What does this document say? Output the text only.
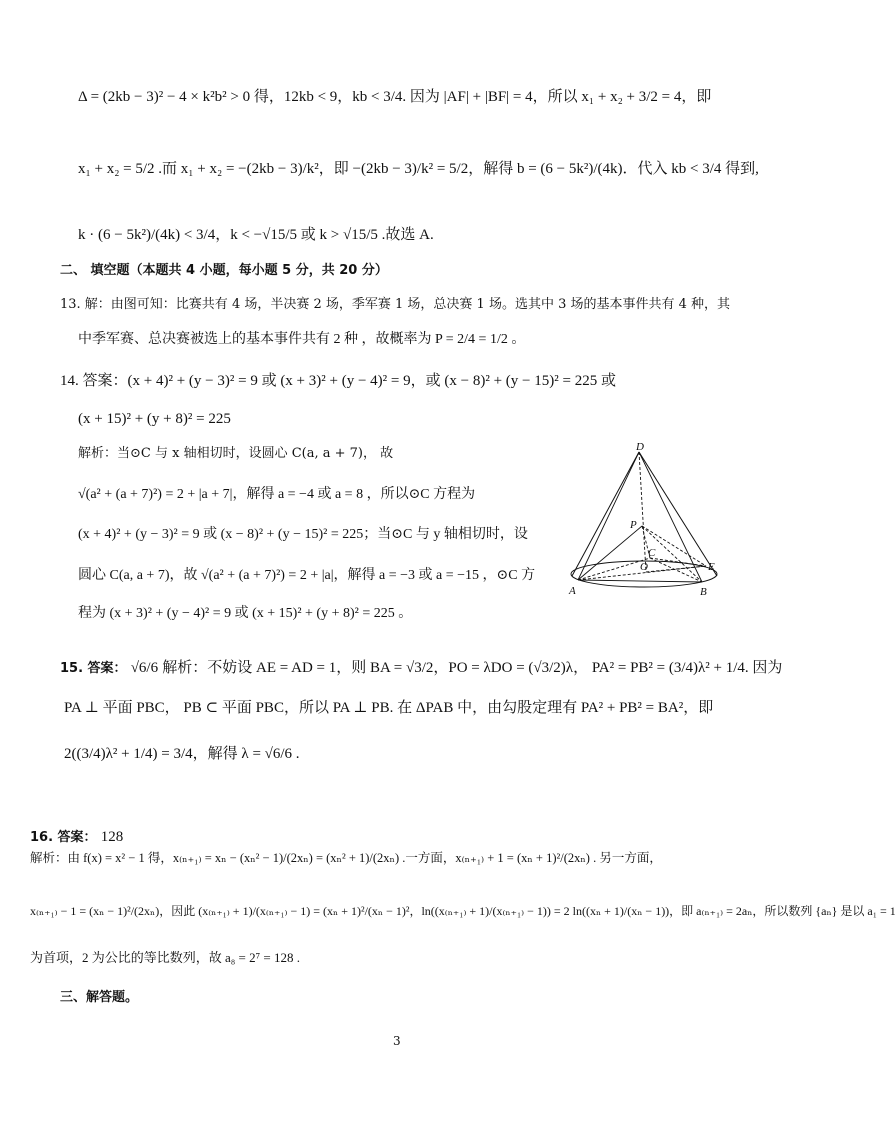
Δ = (2kb − 3)² − 4 × k²b² > 0 得，12kb < 9，kb < 3/4. 因为 |AF| + |BF| = 4，所以 x₁ + x₂ + 3/2 = 4，即
x₁ + x₂ = 5/2 .而 x₁ + x₂ = −(2kb − 3)/k²，即 −(2kb − 3)/k² = 5/2，解得 b = (6 − 5k²)/(4k)．代入 kb < 3/4 得到,
k · (6 − 5k²)/(4k) < 3/4，k < −√15/5 或 k > √15/5 .故选 A.
二、 填空题（本题共 4 小题，每小题 5 分，共 20 分）
13. 解：由图可知：比赛共有 4 场，半决赛 2 场，季军赛 1 场，总决赛 1 场。选其中 3 场的基本事件共有 4 种，其
中季军赛、总决赛被选上的基本事件共有 2 种 ，故概率为 P = 2/4 = 1/2 。
14. 答案：(x + 4)² + (y − 3)² = 9 或 (x + 3)² + (y − 4)² = 9，或 (x − 8)² + (y − 15)² = 225 或
(x + 15)² + (y + 8)² = 225
解析：当⊙C 与 x 轴相切时，设圆心 C(a, a + 7)， 故
√(a² + (a + 7)²) = 2 + |a + 7|，解得 a = −4 或 a = 8 ，所以⊙C 方程为
(x + 4)² + (y − 3)² = 9 或 (x − 8)² + (y − 15)² = 225；当⊙C 与 y 轴相切时，设
圆心 C(a, a + 7)，故 √(a² + (a + 7)²) = 2 + |a|，解得 a = −3 或 a = −15 ，⊙C 方
程为 (x + 3)² + (y − 4)² = 9 或 (x + 15)² + (y + 8)² = 225 。
D
P
C
O
A	B
E
15. 答案： √6/6 解析：不妨设 AE = AD = 1，则 BA = √3/2，PO = λDO = (√3/2)λ， PA² = PB² = (3/4)λ² + 1/4. 因为
PA ⊥ 平面 PBC， PB ⊂ 平面 PBC，所以 PA ⊥ PB. 在 ΔPAB 中，由勾股定理有 PA² + PB² = BA²，即
2((3/4)λ² + 1/4) = 3/4，解得 λ = √6/6 .
16. 答案： 128
解析：由 f(x) = x² − 1 得，x₍ₙ₊₁₎ = xₙ − (xₙ² − 1)/(2xₙ) = (xₙ² + 1)/(2xₙ) .一方面，x₍ₙ₊₁₎ + 1 = (xₙ + 1)²/(2xₙ) . 另一方面，
x₍ₙ₊₁₎ − 1 = (xₙ − 1)²/(2xₙ)，因此 (x₍ₙ₊₁₎ + 1)/(x₍ₙ₊₁₎ − 1) = (xₙ + 1)²/(xₙ − 1)²，ln((x₍ₙ₊₁₎ + 1)/(x₍ₙ₊₁₎ − 1)) = 2 ln((xₙ + 1)/(xₙ − 1))，即 a₍ₙ₊₁₎ = 2aₙ，所以数列 {aₙ} 是以 a₁ = 1
为首项，2 为公比的等比数列，故 a₈ = 2⁷ = 128 .
三、解答题。
3
